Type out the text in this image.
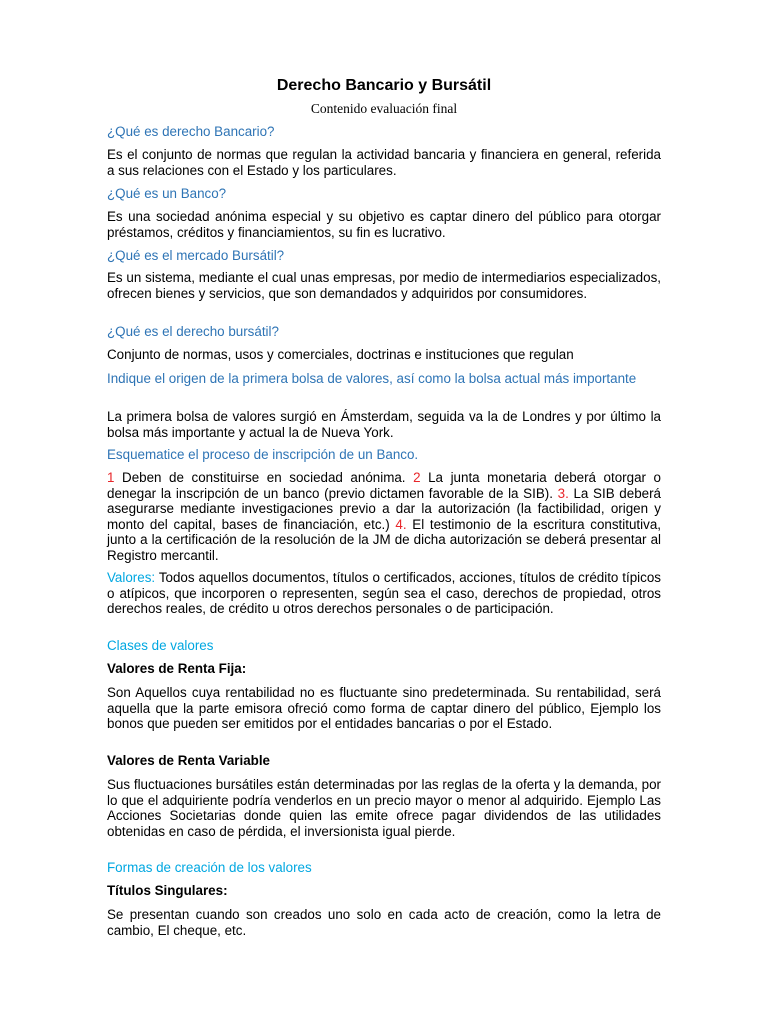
Derecho Bancario y Bursátil
Contenido evaluación final
¿Qué es derecho Bancario?
Es el conjunto de normas que regulan la actividad bancaria y financiera en general, referida a sus relaciones con el Estado y los particulares.
¿Qué es un Banco?
Es una sociedad anónima especial y su objetivo es captar dinero del público para otorgar préstamos, créditos y financiamientos, su fin es lucrativo.
¿Qué es el mercado Bursátil?
Es un sistema, mediante el cual unas empresas, por medio de intermediarios especializados, ofrecen bienes y servicios, que son demandados y adquiridos por consumidores.
¿Qué es el derecho bursátil?
Conjunto de normas, usos y comerciales, doctrinas e instituciones que regulan
Indique el origen de la primera bolsa de valores, así como la bolsa actual más importante
La primera bolsa de valores surgió en Ámsterdam, seguida va la de Londres y por último la bolsa más importante y actual la de Nueva York.
Esquematice el proceso de inscripción de un Banco.
1 Deben de constituirse en sociedad anónima. 2 La junta monetaria deberá otorgar o denegar la inscripción de un banco (previo dictamen favorable de la SIB). 3. La SIB deberá asegurarse mediante investigaciones previo a dar la autorización (la factibilidad, origen y monto del capital, bases de financiación, etc.) 4. El testimonio de la escritura constitutiva, junto a la certificación de la resolución de la JM de dicha autorización se deberá presentar al Registro mercantil.
Valores: Todos aquellos documentos, títulos o certificados, acciones, títulos de crédito típicos o atípicos, que incorporen o representen, según sea el caso, derechos de propiedad, otros derechos reales, de crédito u otros derechos personales o de participación.
Clases de valores
Valores de Renta Fija:
Son Aquellos cuya rentabilidad no es fluctuante sino predeterminada. Su rentabilidad, será aquella que la parte emisora ofreció como forma de captar dinero del público, Ejemplo los bonos que pueden ser emitidos por el entidades bancarias o por el Estado.
Valores de Renta Variable
Sus fluctuaciones bursátiles están determinadas por las reglas de la oferta y la demanda, por lo que el adquiriente podría venderlos en un precio mayor o menor al adquirido. Ejemplo Las Acciones Societarias donde quien las emite ofrece pagar dividendos de las utilidades obtenidas en caso de pérdida, el inversionista igual pierde.
Formas de creación de los valores
Títulos Singulares:
Se presentan cuando son creados uno solo en cada acto de creación, como la letra de cambio, El cheque, etc.
